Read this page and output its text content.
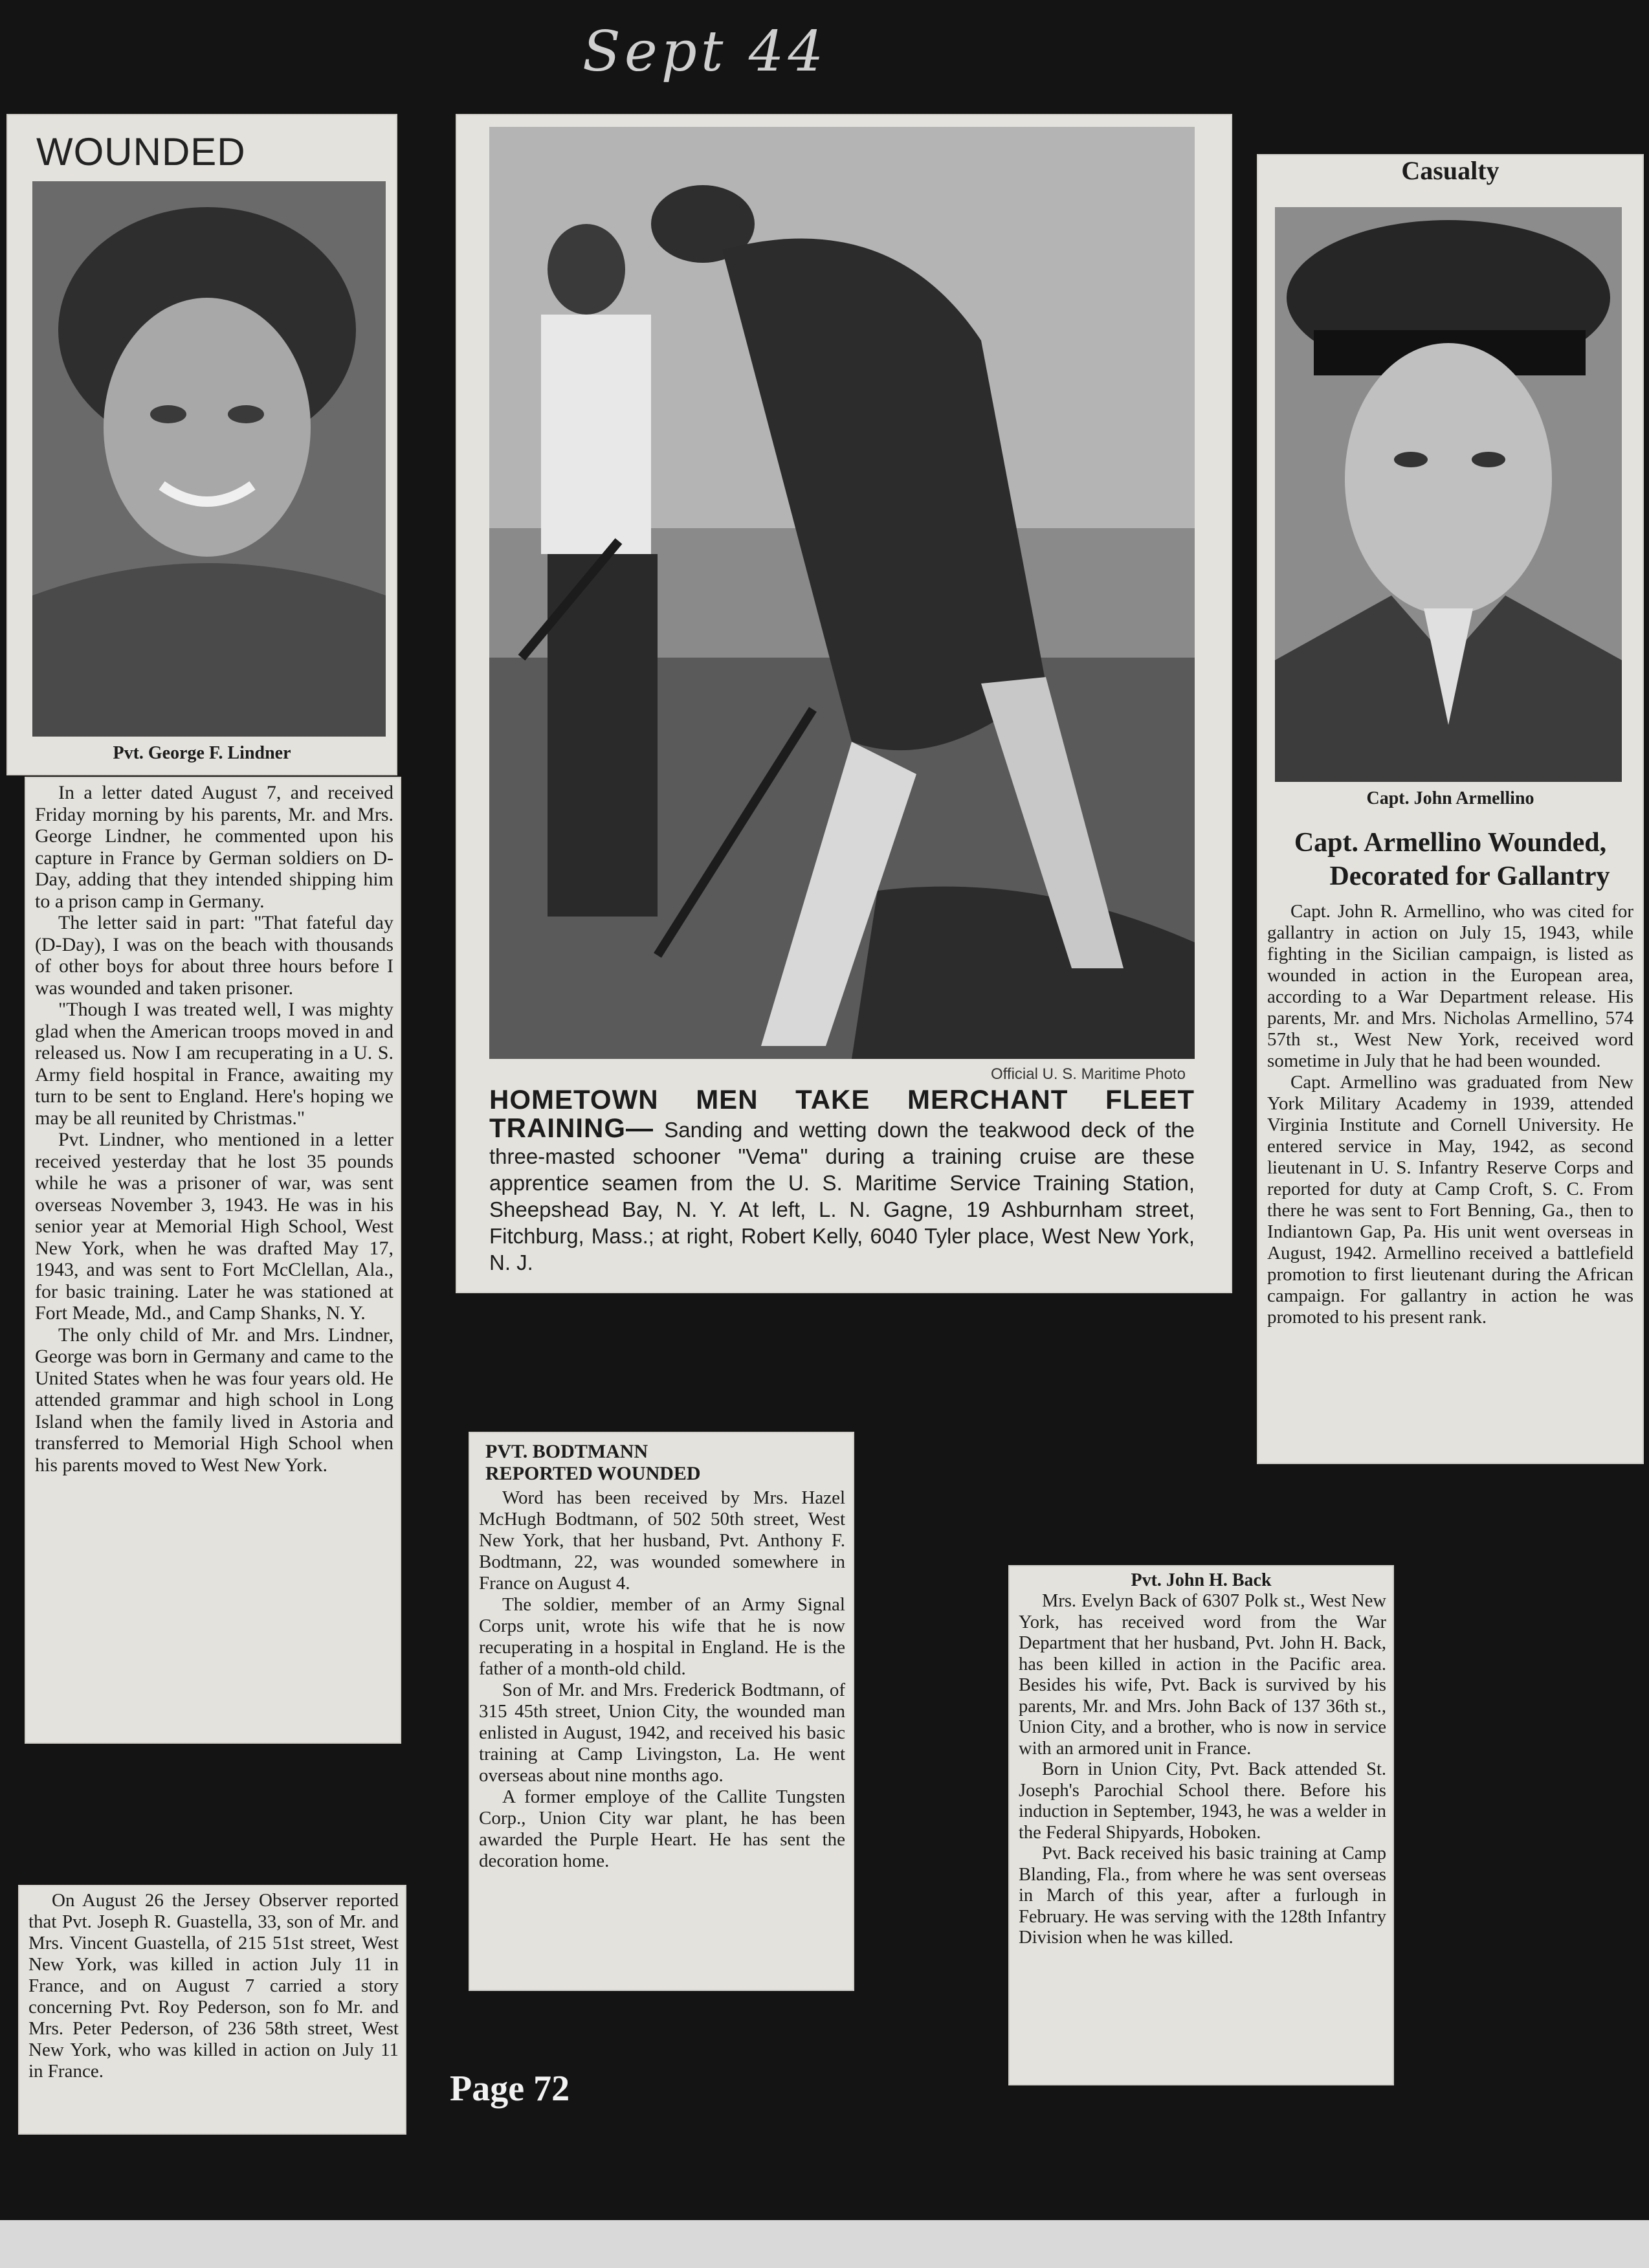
Sept 44
WOUNDED
Pvt. George F. Lindner

In a letter dated August 7, and received Friday morning by his parents, Mr. and Mrs. George Lindner, he commented upon his capture in France by German soldiers on D-Day, adding that they intended shipping him to a prison camp in Germany.

The letter said in part: "That fateful day (D-Day), I was on the beach with thousands of other boys for about three hours before I was wounded and taken prisoner.

"Though I was treated well, I was mighty glad when the American troops moved in and released us. Now I am recuperating in a U. S. Army field hospital in France, awaiting my turn to be sent to England. Here's hoping we may be all reunited by Christmas."

Pvt. Lindner, who mentioned in a letter received yesterday that he lost 35 pounds while he was a prisoner of war, was sent overseas November 3, 1943. He was in his senior year at Memorial High School, West New York, when he was drafted May 17, 1943, and was sent to Fort McClellan, Ala., for basic training. Later he was stationed at Fort Meade, Md., and Camp Shanks, N. Y.

The only child of Mr. and Mrs. Lindner, George was born in Germany and came to the United States when he was four years old. He attended grammar and high school in Long Island when the family lived in Astoria and transferred to Memorial High School when his parents moved to West New York.

Official U. S. Maritime Photo
HOMETOWN MEN TAKE MERCHANT FLEET TRAINING— Sanding and wetting down the teakwood deck of the three-masted schooner "Vema" during a training cruise are these apprentice seamen from the U. S. Maritime Service Training Station, Sheepshead Bay, N. Y. At left, L. N. Gagne, 19 Ashburnham street, Fitchburg, Mass.; at right, Robert Kelly, 6040 Tyler place, West New York, N. J.
Casualty
Capt. John Armellino
Capt. Armellino Wounded,
Decorated for Gallantry

Capt. John R. Armellino, who was cited for gallantry in action on July 15, 1943, while fighting in the Sicilian campaign, is listed as wounded in action in the European area, according to a War Department release. His parents, Mr. and Mrs. Nicholas Armellino, 574 57th st., West New York, received word sometime in July that he had been wounded.

Capt. Armellino was graduated from New York Military Academy in 1939, attended Virginia Institute and Cornell University. He entered service in May, 1942, as second lieutenant in U. S. Infantry Reserve Corps and reported for duty at Camp Croft, S. C. From there he was sent to Fort Benning, Ga., then to Indiantown Gap, Pa. His unit went overseas in August, 1942. Armellino received a battlefield promotion to first lieutenant during the African campaign. For gallantry in action he was promoted to his present rank.

PVT. BODTMANN
REPORTED WOUNDED

Word has been received by Mrs. Hazel McHugh Bodtmann, of 502 50th street, West New York, that her husband, Pvt. Anthony F. Bodtmann, 22, was wounded somewhere in France on August 4.

The soldier, member of an Army Signal Corps unit, wrote his wife that he is now recuperating in a hospital in England. He is the father of a month-old child.

Son of Mr. and Mrs. Frederick Bodtmann, of 315 45th street, Union City, the wounded man enlisted in August, 1942, and received his basic training at Camp Livingston, La. He went overseas about nine months ago.

A former employe of the Callite Tungsten Corp., Union City war plant, he has been awarded the Purple Heart. He has sent the decoration home.

Pvt. John H. Back

Mrs. Evelyn Back of 6307 Polk st., West New York, has received word from the War Department that her husband, Pvt. John H. Back, has been killed in action in the Pacific area. Besides his wife, Pvt. Back is survived by his parents, Mr. and Mrs. John Back of 137 36th st., Union City, and a brother, who is now in service with an armored unit in France.

Born in Union City, Pvt. Back attended St. Joseph's Parochial School there. Before his induction in September, 1943, he was a welder in the Federal Shipyards, Hoboken.

Pvt. Back received his basic training at Camp Blanding, Fla., from where he was sent overseas in March of this year, after a furlough in February. He was serving with the 128th Infantry Division when he was killed.

On August 26 the Jersey Observer reported that Pvt. Joseph R. Guastella, 33, son of Mr. and Mrs. Vincent Guastella, of 215 51st street, West New York, was killed in action July 11 in France, and on August 7 carried a story concerning Pvt. Roy Pederson, son fo Mr. and Mrs. Peter Pederson, of 236 58th street, West New York, who was killed in action on July 11 in France.	Page 72
